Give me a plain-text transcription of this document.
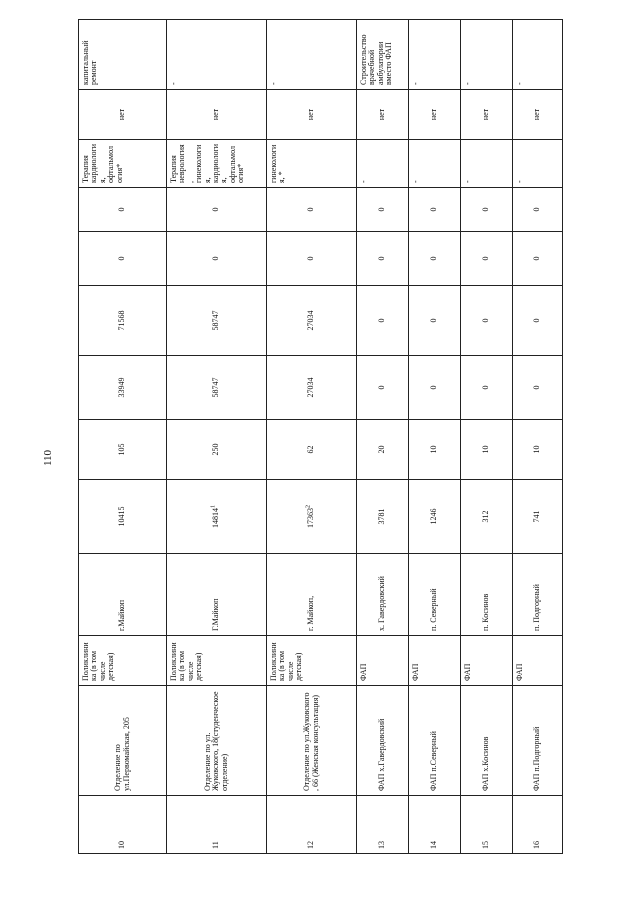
110
10	Отделение по ул.Первомайская, 205	Поликлиника (в том числе детская)	г.Майкоп	10415	105	33949	71568	0	0	Терапия кардиология, офтальмология*	нет	капитальный ремонт
11	Отделение по ул. Жуковского, 18(студенческое отделение)	Поликлиника (в том числе детская)	Г.Майкоп	14814$^1$	250	58747	58747	0	0	Терапия неврология, гинекология, кардиология, офтальмология*	нет	-
12	Отделение по ул.Жуковского , 66 (Женская консультация)	Поликлиника (в том числе детская)	г. Майкоп,	17363$^2$	62	27034	27034	0	0	гинекология, *	нет	-
13	ФАП х.Гавердовский	ФАП	х. Гавердовский	3781	20	0	0	0	0	-	нет	Строительство врачебной амбулатории вместо ФАП
14	ФАП п.Северный	ФАП	п. Северный	1246	10	0	0	0	0	-	нет	-
15	ФАП х.Косинов	ФАП	п. Косинов	312	10	0	0	0	0	-	нет	-
16	ФАП п.Подгорный	ФАП	п. Подгорный	741	10	0	0	0	0	-	нет	-
